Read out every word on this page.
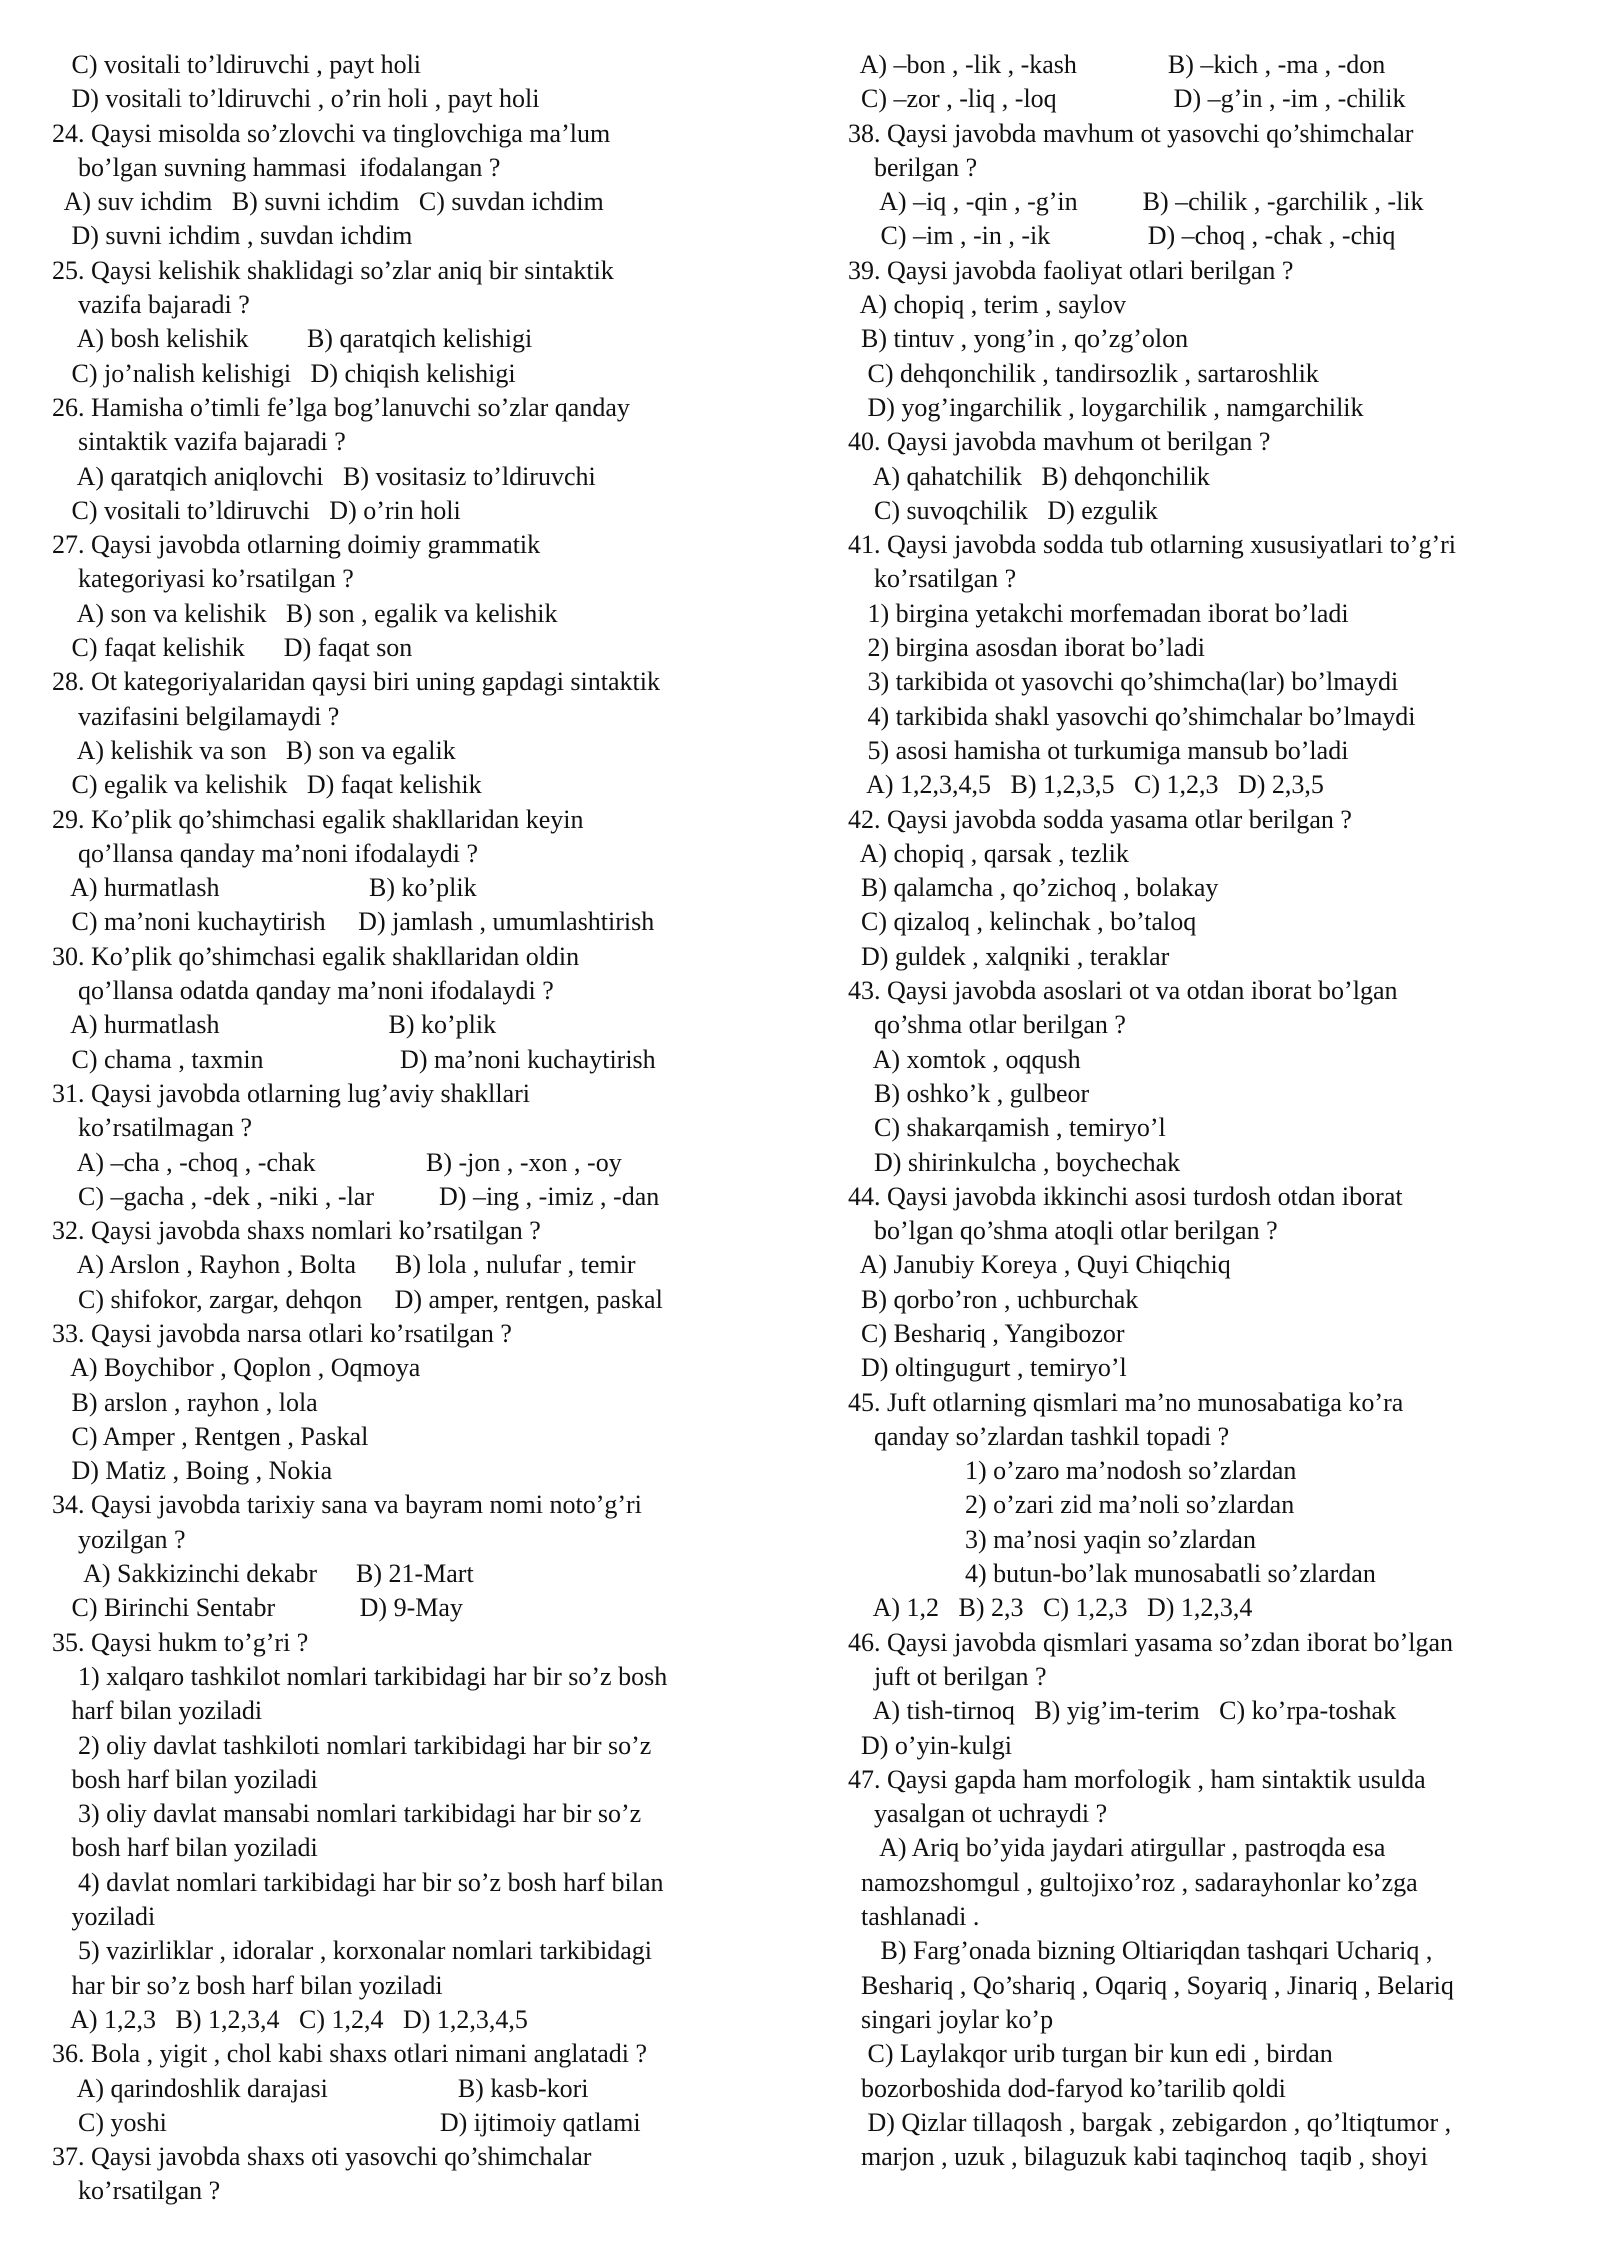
C) vositali to’ldiruvchi , payt holi
D) vositali to’ldiruvchi , o’rin holi , payt holi
24. Qaysi misolda so’zlovchi va tinglovchiga ma’lum
bo’lgan suvning hammasi  ifodalangan ?
A) suv ichdim   B) suvni ichdim   C) suvdan ichdim
D) suvni ichdim , suvdan ichdim
25. Qaysi kelishik shaklidagi so’zlar aniq bir sintaktik
vazifa bajaradi ?
A) bosh kelishik         B) qaratqich kelishigi
C) jo’nalish kelishigi   D) chiqish kelishigi
26. Hamisha o’timli fe’lga bog’lanuvchi so’zlar qanday
sintaktik vazifa bajaradi ?
A) qaratqich aniqlovchi   B) vositasiz to’ldiruvchi
C) vositali to’ldiruvchi   D) o’rin holi
27. Qaysi javobda otlarning doimiy grammatik
kategoriyasi ko’rsatilgan ?
A) son va kelishik   B) son , egalik va kelishik
C) faqat kelishik      D) faqat son
28. Ot kategoriyalaridan qaysi biri uning gapdagi sintaktik
vazifasini belgilamaydi ?
A) kelishik va son   B) son va egalik
C) egalik va kelishik   D) faqat kelishik
29. Ko’plik qo’shimchasi egalik shakllaridan keyin
qo’llansa qanday ma’noni ifodalaydi ?
A) hurmatlash                       B) ko’plik
C) ma’noni kuchaytirish     D) jamlash , umumlashtirish
30. Ko’plik qo’shimchasi egalik shakllaridan oldin
qo’llansa odatda qanday ma’noni ifodalaydi ?
A) hurmatlash                          B) ko’plik
C) chama , taxmin                     D) ma’noni kuchaytirish
31. Qaysi javobda otlarning lug’aviy shakllari
ko’rsatilmagan ?
A) –cha , -choq , -chak                 B) -jon , -xon , -oy
C) –gacha , -dek , -niki , -lar          D) –ing , -imiz , -dan
32. Qaysi javobda shaxs nomlari ko’rsatilgan ?
A) Arslon , Rayhon , Bolta      B) lola , nulufar , temir
C) shifokor, zargar, dehqon     D) amper, rentgen, paskal
33. Qaysi javobda narsa otlari ko’rsatilgan ?
A) Boychibor , Qoplon , Oqmoya
B) arslon , rayhon , lola
C) Amper , Rentgen , Paskal
D) Matiz , Boing , Nokia
34. Qaysi javobda tarixiy sana va bayram nomi noto’g’ri
yozilgan ?
A) Sakkizinchi dekabr      B) 21-Mart
C) Birinchi Sentabr             D) 9-May
35. Qaysi hukm to’g’ri ?
1) xalqaro tashkilot nomlari tarkibidagi har bir so’z bosh
harf bilan yoziladi
2) oliy davlat tashkiloti nomlari tarkibidagi har bir so’z
bosh harf bilan yoziladi
3) oliy davlat mansabi nomlari tarkibidagi har bir so’z
bosh harf bilan yoziladi
4) davlat nomlari tarkibidagi har bir so’z bosh harf bilan
yoziladi
5) vazirliklar , idoralar , korxonalar nomlari tarkibidagi
har bir so’z bosh harf bilan yoziladi
A) 1,2,3   B) 1,2,3,4   C) 1,2,4   D) 1,2,3,4,5
36. Bola , yigit , chol kabi shaxs otlari nimani anglatadi ?
A) qarindoshlik darajasi                    B) kasb-kori
C) yoshi                                          D) ijtimoiy qatlami
37. Qaysi javobda shaxs oti yasovchi qo’shimchalar
ko’rsatilgan ?
A) –bon , -lik , -kash              B) –kich , -ma , -don
C) –zor , -liq , -loq                  D) –g’in , -im , -chilik
38. Qaysi javobda mavhum ot yasovchi qo’shimchalar
berilgan ?
A) –iq , -qin , -g’in          B) –chilik , -garchilik , -lik
C) –im , -in , -ik               D) –choq , -chak , -chiq
39. Qaysi javobda faoliyat otlari berilgan ?
A) chopiq , terim , saylov
B) tintuv , yong’in , qo’zg’olon
C) dehqonchilik , tandirsozlik , sartaroshlik
D) yog’ingarchilik , loygarchilik , namgarchilik
40. Qaysi javobda mavhum ot berilgan ?
A) qahatchilik   B) dehqonchilik
C) suvoqchilik   D) ezgulik
41. Qaysi javobda sodda tub otlarning xususiyatlari to’g’ri
ko’rsatilgan ?
1) birgina yetakchi morfemadan iborat bo’ladi
2) birgina asosdan iborat bo’ladi
3) tarkibida ot yasovchi qo’shimcha(lar) bo’lmaydi
4) tarkibida shakl yasovchi qo’shimchalar bo’lmaydi
5) asosi hamisha ot turkumiga mansub bo’ladi
A) 1,2,3,4,5   B) 1,2,3,5   C) 1,2,3   D) 2,3,5
42. Qaysi javobda sodda yasama otlar berilgan ?
A) chopiq , qarsak , tezlik
B) qalamcha , qo’zichoq , bolakay
C) qizaloq , kelinchak , bo’taloq
D) guldek , xalqniki , teraklar
43. Qaysi javobda asoslari ot va otdan iborat bo’lgan
qo’shma otlar berilgan ?
A) xomtok , oqqush
B) oshko’k , gulbeor
C) shakarqamish , temiryo’l
D) shirinkulcha , boychechak
44. Qaysi javobda ikkinchi asosi turdosh otdan iborat
bo’lgan qo’shma atoqli otlar berilgan ?
A) Janubiy Koreya , Quyi Chiqchiq
B) qorbo’ron , uchburchak
C) Beshariq , Yangibozor
D) oltingugurt , temiryo’l
45. Juft otlarning qismlari ma’no munosabatiga ko’ra
qanday so’zlardan tashkil topadi ?
1) o’zaro ma’nodosh so’zlardan
2) o’zari zid ma’noli so’zlardan
3) ma’nosi yaqin so’zlardan
4) butun-bo’lak munosabatli so’zlardan
A) 1,2   B) 2,3   C) 1,2,3   D) 1,2,3,4
46. Qaysi javobda qismlari yasama so’zdan iborat bo’lgan
juft ot berilgan ?
A) tish-tirnoq   B) yig’im-terim   C) ko’rpa-toshak
D) o’yin-kulgi
47. Qaysi gapda ham morfologik , ham sintaktik usulda
yasalgan ot uchraydi ?
A) Ariq bo’yida jaydari atirgullar , pastroqda esa
namozshomgul , gultojixo’roz , sadarayhonlar ko’zga
tashlanadi .
B) Farg’onada bizning Oltiariqdan tashqari Uchariq ,
Beshariq , Qo’shariq , Oqariq , Soyariq , Jinariq , Belariq
singari joylar ko’p
C) Laylakqor urib turgan bir kun edi , birdan
bozorboshida dod-faryod ko’tarilib qoldi
D) Qizlar tillaqosh , bargak , zebigardon , qo’ltiqtumor ,
marjon , uzuk , bilaguzuk kabi taqinchoq  taqib , shoyi
